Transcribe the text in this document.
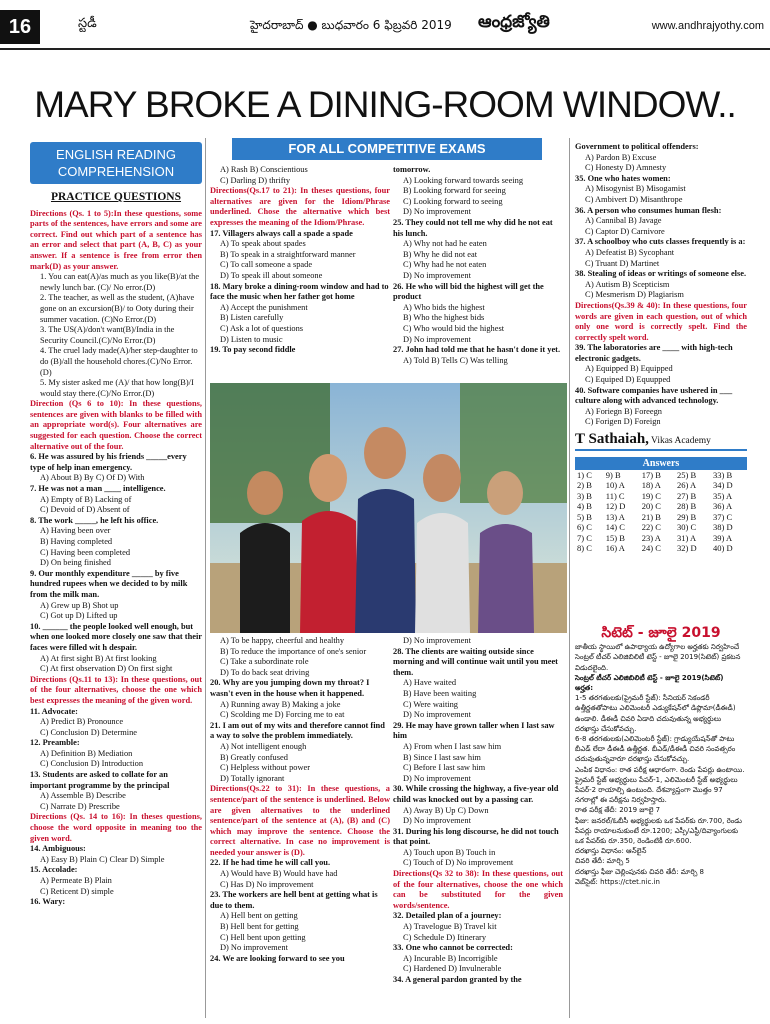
16	స్టడీ	హైదరాబాద్ ● బుధవారం 6 ఫిబ్రవరి 2019 ఆంధ్రజ్యోతి	www.andhrajyothy.com
MARY BROKE A DINING-ROOM WINDOW..
FOR ALL COMPETITIVE EXAMS
ENGLISH READING COMPREHENSION
PRACTICE QUESTIONS
Directions (Qs. 1 to 5):In these questions, some parts of the sentences, have errors and some are correct. Find out which part of a sentence has an error and select that part (A, B, C) as your answer. If a sentence is free from error then mark(D) as your answer.
1. You can eat(A)/as much as you like(B)/at the newly lunch bar. (C)/ No error.(D)
2. The teacher, as well as the student, (A)have gone on an excursion(B)/ to Ooty during their summer vacation. (C)No Error.(D)
3. The US(A)/don't want(B)/India in the Security Council.(C)/No Error.(D)
4. The cruel lady made(A)/her step-daughter to do (B)/all the household chores.(C)/No Error. (D)
5. My sister asked me (A)/ that how long(B)/I would stay there.(C)/No Error.(D)
Direction (Qs 6 to 10): In these questions, sentences are given with blanks to be filled with an appropriate word(s). Four alternatives are suggested for each question. Choose the correct alternative out of the four.
6. He was assured by his friends _____every type of help inan emergency.
A) About B) By C) Of D) With
7. He was not a man ____ intelligence.
A) Empty of B) Lacking of
C) Devoid of D) Absent of
8. The work _____, he left his office.
A) Having been over
B) Having completed
C) Having been completed
D) On being finished
9. Our monthly expenditure _____ by five hundred rupees when we decided to by milk from the milk man.
A) Grew up B) Shot up
C) Got up D) Lifted up
10. ______ the people looked well enough, but when one looked more closely one saw that their faces were filled wit h despair.
A) At first sight B) At first looking
C) At first observation D) On first sight
Directions (Qs.11 to 13): In these questions, out of the four alternatives, choose the one which best expresses the meaning of the given word.
11. Advocate:
A) Predict B) Pronounce
C) Conclusion D) Determine
12. Preamble:
A) Definition B) Mediation
C) Conclusion D) Introduction
13. Students are asked to collate for an important programme by the principal
A) Assemble B) Describe
C) Narrate D) Prescribe
Directions (Qs. 14 to 16): In theses questions, choose the word opposite in meaning too the given word.
14. Ambiguous:
A) Easy B) Plain C) Clear D) Simple
15. Accolade:
A) Permeate B) Plain
C) Reticent D) simple
16. Wary:
A) Rash B) Conscientious
C) Darling D) thrifty
Directions(Qs.17 to 21): In theses questions, four alternatives are given for the Idiom/Phrase underlined. Chose the alternative which best expresses the meaning of the Idiom/Phrase.
17. Villagers always call a spade a spade
A) To speak about spades
B) To speak in a straightforward manner
C) To call someone a spade
D) To speak ill about someone
18. Mary broke a dining-room window and had to face the music when her father got home
A) Accept the punishment
B) Listen carefully
C) Ask a lot of questions
D) Listen to music
19. To pay second fiddle
tomorrow.
A) Looking forward towards seeing
B) Looking forward for seeing
C) Looking forward to seeing
D) No improvement
25. They could not tell me why did he not eat his lunch.
A) Why not had he eaten
B) Why he did not eat
C) Why had he not eaten
D) No improvement
26. He who will bid the highest will get the product
A) Who bids the highest
B) Who the highest bids
C) Who would bid the highest
D) No improvement
27. John had told me that he hasn't done it yet.
A) Told B) Tells C) Was telling
A) To be happy, cheerful and healthy
B) To reduce the importance of one's senior
C) Take a subordinate role
D) To do back seat driving
20. Why are you jumping down my throat? I wasn't even in the house when it happened.
A) Running away B) Making a joke
C) Scolding me D) Forcing me to eat
21. I am out of my wits and therefore cannot find a way to solve the problem immediately.
A) Not intelligent enough
B) Greatly confused
C) Helpless without power
D) Totally ignorant
Directions(Qs.22 to 31): In these questions, a sentence/part of the sentence is underlined. Below are given alternatives to the underlined sentence/part of the sentence at (A), (B) and (C) which may improve the sentence. Choose the correct alternative. In case no improvement is needed your answer is (D).
22. If he had time he will call you.
A) Would have B) Would have had
C) Has D) No improvement
23. The workers are hell bent at getting what is due to them.
A) Hell bent on getting
B) Hell bent for getting
C) Hell bent upon getting
D) No improvement
24. We are looking forward to see you
D) No improvement
28. The clients are waiting outside since morning and will continue wait until you meet them.
A) Have waited
B) Have been waiting
C) Were waiting
D) No improvement
29. He may have grown taller when I last saw him
A) From when I last saw him
B) Since I last saw him
C) Before I last saw him
D) No improvement
30. While crossing the highway, a five-year old child was knocked out by a passing car.
A) Away B) Up C) Down
D) No improvement
31. During his long discourse, he did not touch that point.
A) Touch upon B) Touch in
C) Touch of D) No improvement
Directions(Qs 32 to 38): In these questions, out of the four alternatives, choose the one which can be substituted for the given words/sentence.
32. Detailed plan of a journey:
A) Travelogue B) Travel kit
C) Schedule D) Itinerary
33. One who cannot be corrected:
A) Incurable B) Incorrigible
C) Hardened D) Invulnerable
34. A general pardon granted by the
Government to political offenders:
A) Pardon B) Excuse
C) Honesty D) Amnesty
35. One who hates women:
A) Misogynist B) Misogamist
C) Ambivert D) Misanthrope
36. A person who consumes human flesh:
A) Cannibal B) Javage
C) Captor D) Carnivore
37. A schoolboy who cuts classes frequently is a:
A) Defeatist B) Sycophant
C) Truant D) Martinet
38. Stealing of ideas or writings of someone else.
A) Autism B) Scepticism
C) Mesmerism D) Plagiarism
Directions(Qs.39 & 40): In these questions, four words are given in each question, out of which only one word is correctly spelt. Find the correctly spelt word.
39. The laboratories are ____ with high-tech electronic gadgets.
A) Equipped B) Equipped
C) Equiped D) Equupped
40. Software companies have ushered in ___ culture along with advanced technology.
A) Foriegn B) Foreegn
C) Forigen D) Foreign
T Sathaiah, Vikas Academy
Answers
1) C	9) B	17) B	25) B	33) B
2) B	10) A	18) A	26) A	34) D
3) B	11) C	19) C	27) B	35) A
4) B	12) D	20) C	28) B	36) A
5) B	13) A	21) B	29) B	37) C
6) C	14) C	22) C	30) C	38) D
7) C	15) B	23) A	31) A	39) A
8) C	16) A	24) C	32) D	40) D
సిటెట్‌ - జూలై 2019
జాతీయ స్థాయిలో ఉపాధ్యాయ ఉద్యోగాల అర్హతకు నిర్వహించే సెంట్రల్‌ టీచర్‌ ఎలిజిబిలిటీ టెస్ట్‌ - జూలై 2019(సిటెట్‌) ప్రకటన విడుదలైంది.
సెంట్రల్‌ టీచర్‌ ఎలిజిబిలిటీ టెస్ట్‌ - జూలై 2019(సిటెట్‌)
అర్హత:
1-5 తరగతులకు(ప్రైమరీ స్టేజ్‌): సీనియర్‌ సెకండరీ ఉత్తీర్ణతతోపాటు ఎలిమెంటరీ ఎడ్యుకేషన్‌లో డిప్లొమా(డీఈడీ) ఉండాలి. డీఈడీ చివరి ఏడాది చదువుతున్న అభ్యర్థులు దరఖాస్తు చేసుకోవచ్చు.
6-8 తరగతులకు(ఎలిమెంటరీ స్టేజ్‌): గ్రాడ్యుయేషన్‌తో పాటు బీఎడ్‌ లేదా డీఈడీ ఉత్తీర్ణత. బీఎడ్‌/డీఈడీ చివరి సంవత్సరం చదువుతున్నవారూ దరఖాస్తు చేసుకోవచ్చు.
ఎంపిక విధానం: రాత పరీక్ష ఆధారంగా. రెండు పేపర్లు ఉంటాయి. ప్రైమరీ స్టేజ్‌ అభ్యర్థులు పేపర్‌-1, ఎలిమెంటరీ స్టేజ్‌ అభ్యర్థులు పేపర్‌-2 రాయాల్సి ఉంటుంది. దేశవ్యాప్తంగా మొత్తం 97 నగరాల్లో ఈ పరీక్షను నిర్వహిస్తారు.
రాత పరీక్ష తేదీ: 2019 జూలై 7
ఫీజు: జనరల్‌/ఓబీసీ అభ్యర్థులకు ఒక పేపర్‌కు రూ.700, రెండు పేపర్లు రాయాలనుకుంటే రూ.1200; ఎస్సీ/ఎస్టీ/దివ్యాంగులకు ఒక పేపర్‌కు రూ.350, రెండింటికీ రూ.600.
దరఖాస్తు విధానం: ఆన్‌లైన్‌
చివరి తేదీ: మార్చి 5
దరఖాస్తు ఫీజు చెల్లింపునకు చివరి తేదీ: మార్చి 8
వెబ్‌సైట్‌: https://ctet.nic.in
